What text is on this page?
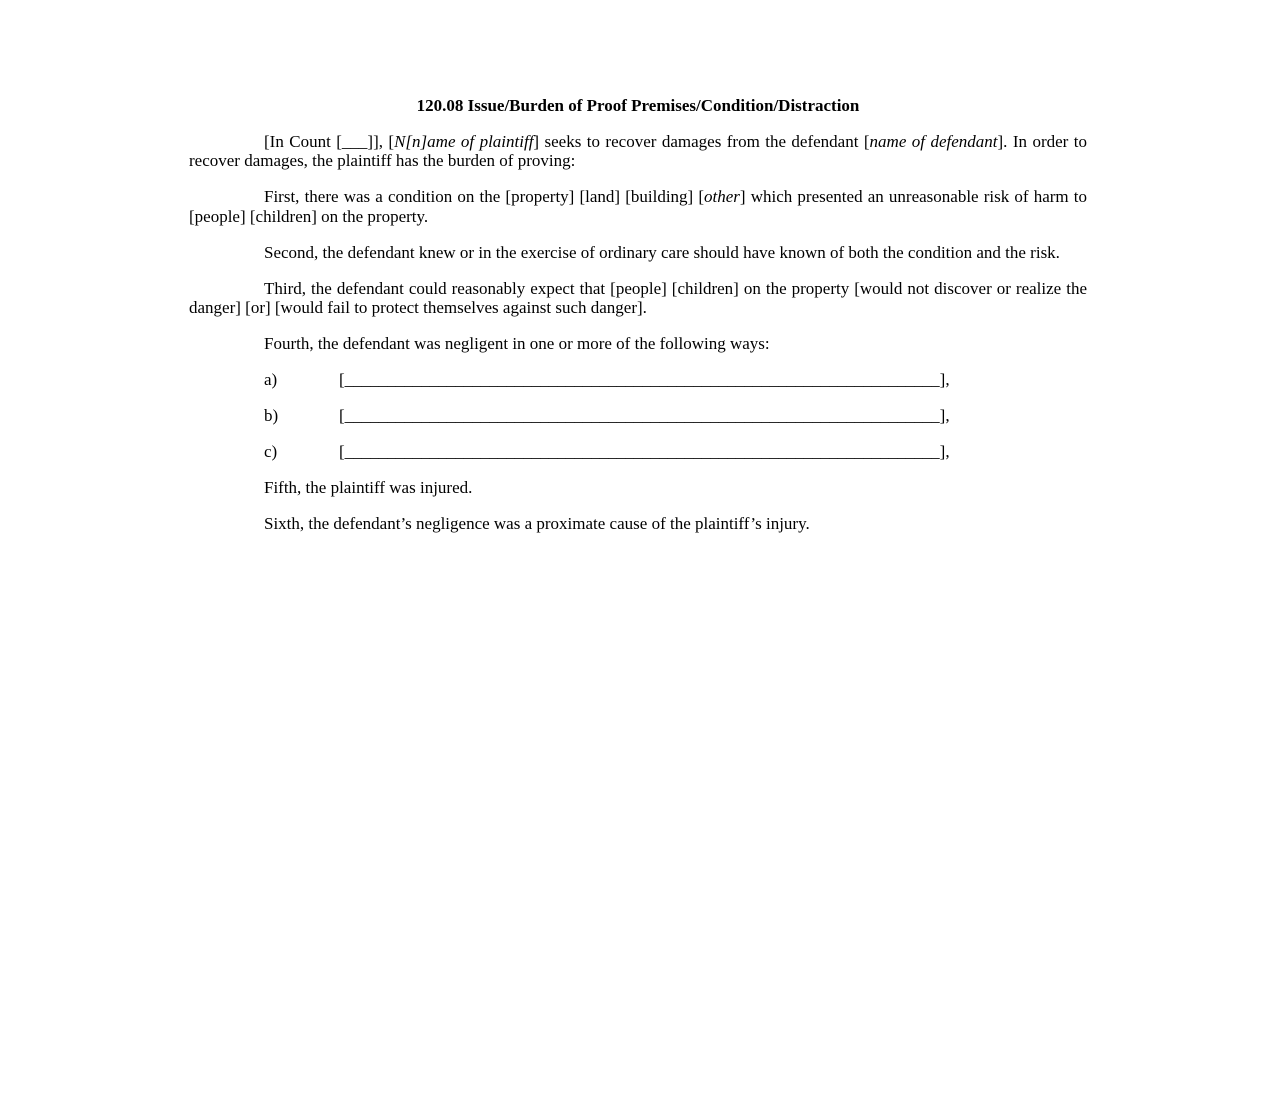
120.08 Issue/Burden of Proof Premises/Condition/Distraction

[In Count [___]], [N[n]ame of plaintiff] seeks to recover damages from the defendant [name of defendant]. In order to recover damages, the plaintiff has the burden of proving:

First, there was a condition on the [property] [land] [building] [other] which presented an unreasonable risk of harm to [people] [children] on the property.

Second, the defendant knew or in the exercise of ordinary care should have known of both the condition and the risk.

Third, the defendant could reasonably expect that [people] [children] on the property [would not discover or realize the danger] [or] [would fail to protect themselves against such danger].

Fourth, the defendant was negligent in one or more of the following ways:

a)	[______________________________________________________________________],
b)	[______________________________________________________________________],
c)	[______________________________________________________________________],

Fifth, the plaintiff was injured.

Sixth, the defendant’s negligence was a proximate cause of the plaintiff’s injury.
